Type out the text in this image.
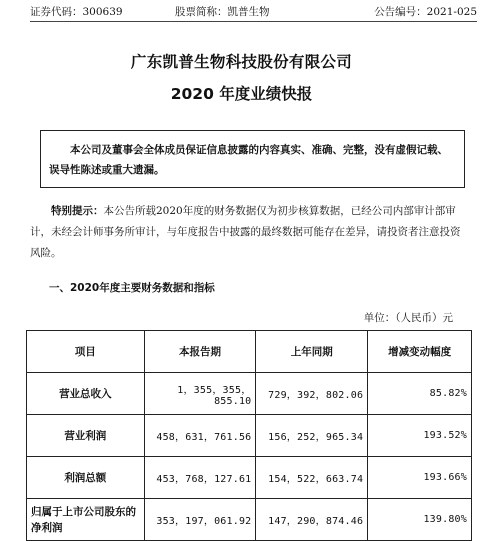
证券代码：300639	股票简称：凯普生物	公告编号：2021-025
广东凯普生物科技股份有限公司
2020 年度业绩快报
本公司及董事会全体成员保证信息披露的内容真实、准确、完整，没有虚假记载、误导性陈述或重大遗漏。
特别提示：本公告所载2020年度的财务数据仅为初步核算数据，已经公司内部审计部审计，未经会计师事务所审计，与年度报告中披露的最终数据可能存在差异，请投资者注意投资风险。
一、2020年度主要财务数据和指标
单位：（人民币）元
项目	本报告期	上年同期	增减变动幅度
营业总收入	1，355，355，855.10	729，392，802.06	85.82%
营业利润	458，631，761.56	156，252，965.34	193.52%
利润总额	453，768，127.61	154，522，663.74	193.66%
归属于上市公司股东的净利润	353，197，061.92	147，290，874.46	139.80%
